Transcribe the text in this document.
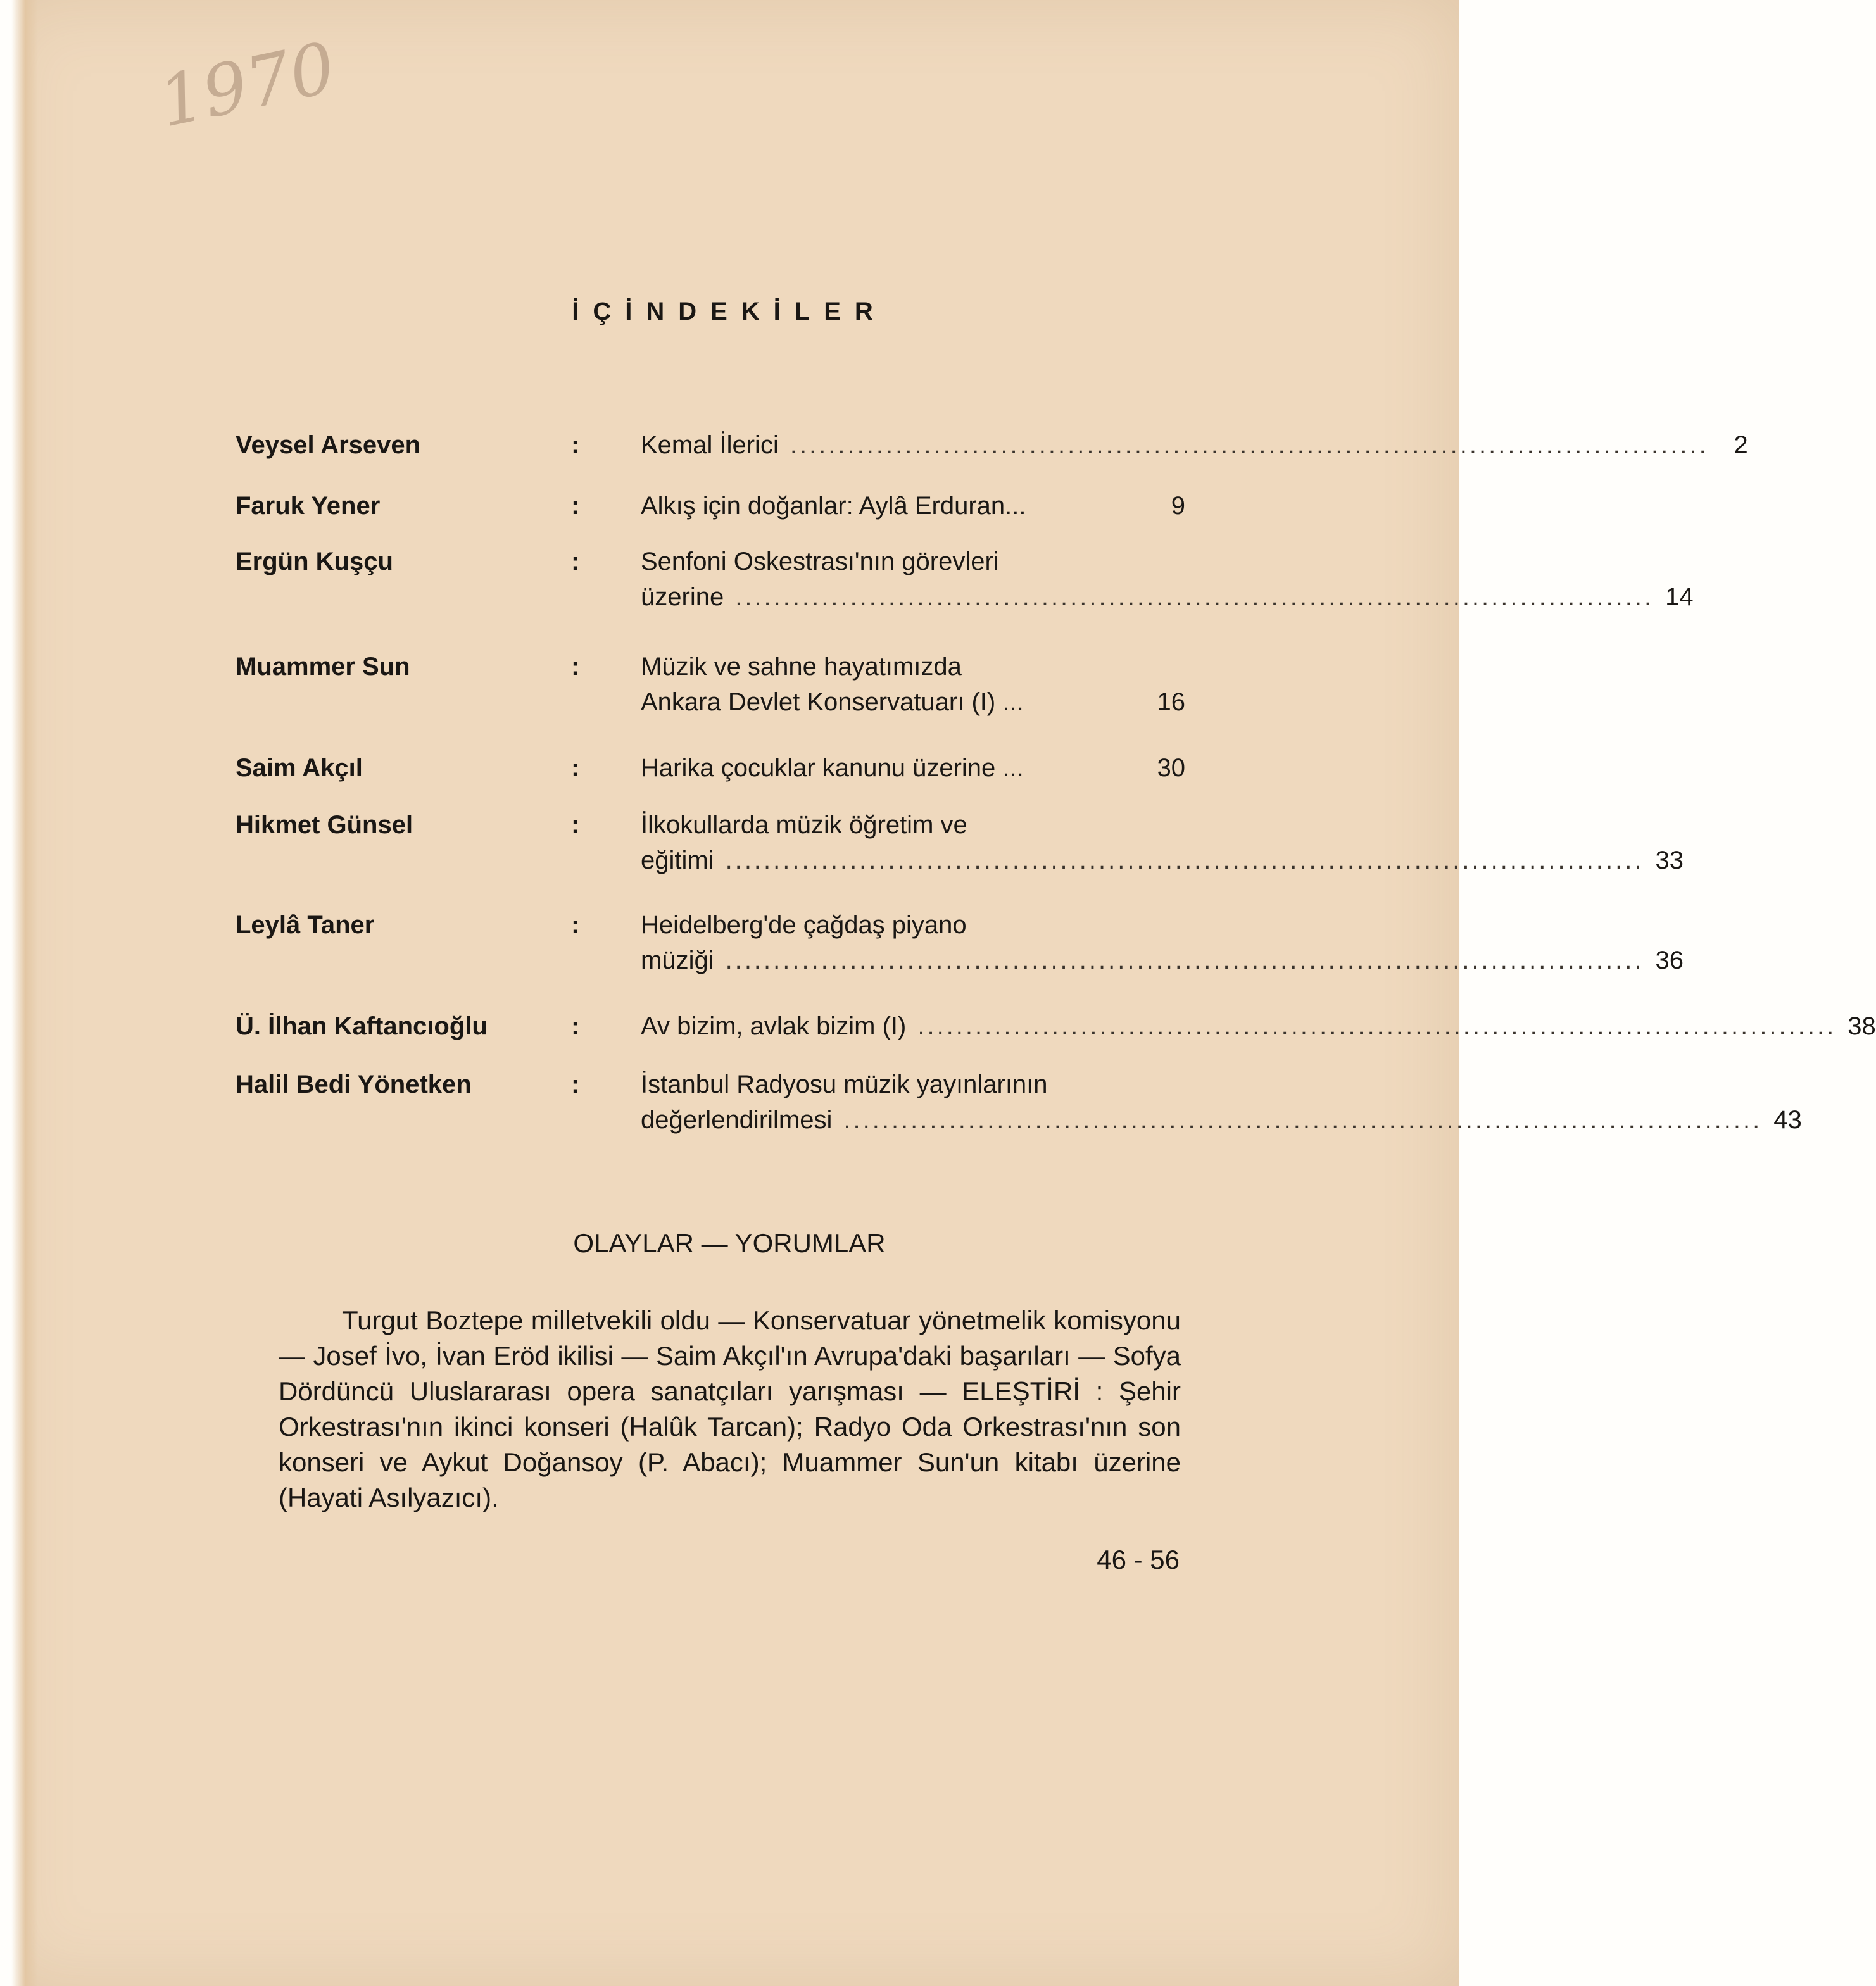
1970
İÇİNDEKİLER
Veysel Arseven	:	Kemal İlerici ................................................................................................ 2
Faruk Yener	:	Alkış için doğanlar: Aylâ Erduran...	9
Ergün Kuşçu	:	Senfoni Oskestrası'nın görevleri
üzerine ................................................................................................ 14
Muammer Sun	:	Müzik ve sahne hayatımızda
Ankara Devlet Konservatuarı (I) ...	16
Saim Akçıl	:	Harika çocuklar kanunu üzerine ...	30
Hikmet Günsel	:	İlkokullarda müzik öğretim ve
eğitimi ................................................................................................ 33
Leylâ Taner	:	Heidelberg'de çağdaş piyano
müziği ................................................................................................ 36
Ü. İlhan Kaftancıoğlu	:	Av bizim, avlak bizim (I) ................................................................................................ 38
Halil Bedi Yönetken	:	İstanbul Radyosu müzik yayınlarının
değerlendirilmesi ................................................................................................ 43
OLAYLAR — YORUMLAR
Turgut Boztepe milletvekili oldu — Konservatuar yönetmelik komisyonu — Josef İvo, İvan Eröd ikilisi — Saim Akçıl'ın Avrupa'daki başarıları — Sofya Dördüncü Uluslararası opera sanatçıları yarışması — ELEŞTİRİ : Şehir Orkestrası'nın ikinci konseri (Halûk Tarcan); Radyo Oda Orkestrası'nın son konseri ve Aykut Doğansoy (P. Abacı); Muammer Sun'un kitabı üzerine (Hayati Asılyazıcı).
46 - 56
